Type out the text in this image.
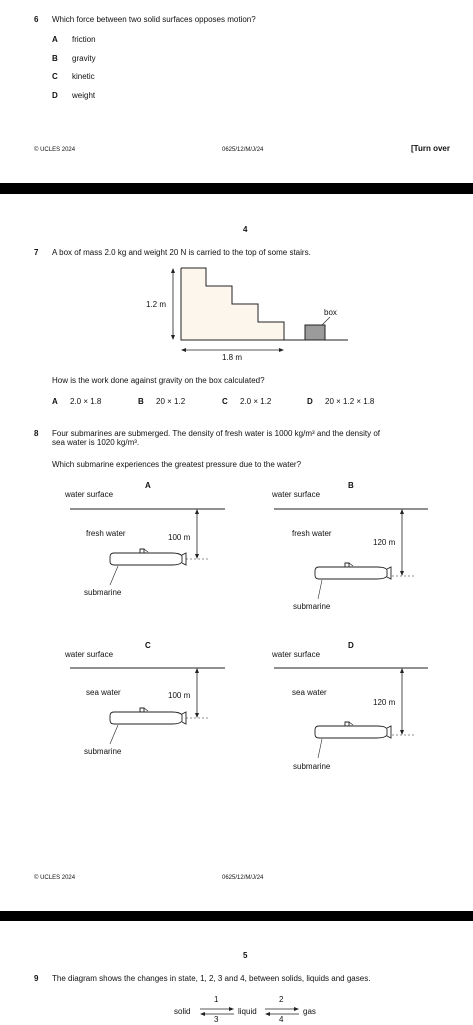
6 Which force between two solid surfaces opposes motion?
A friction
B gravity
C kinetic
D weight
© UCLES 2024	0625/12/M/J/24	[Turn over
4
7 A box of mass 2.0 kg and weight 20 N is carried to the top of some stairs.
1.2 m
1.8 m
box
How is the work done against gravity on the box calculated?
A 2.0 × 1.8	B 20 × 1.2	C 2.0 × 1.2	D 20 × 1.2 × 1.8
8 Four submarines are submerged. The density of fresh water is 1000 kg/m³ and the density of
sea water is 1020 kg/m³.
Which submarine experiences the greatest pressure due to the water?
A
water surface
fresh water	100 m
submarine
B
water surface
fresh water
120 m
submarine
C
water surface
sea water	100 m
submarine
D
water surface
sea water
120 m
submarine
© UCLES 2024	0625/12/M/J/24
5
9 The diagram shows the changes in state, 1, 2, 3 and 4, between solids, liquids and gases.
solid	liquid	gas
1
3
2
4
